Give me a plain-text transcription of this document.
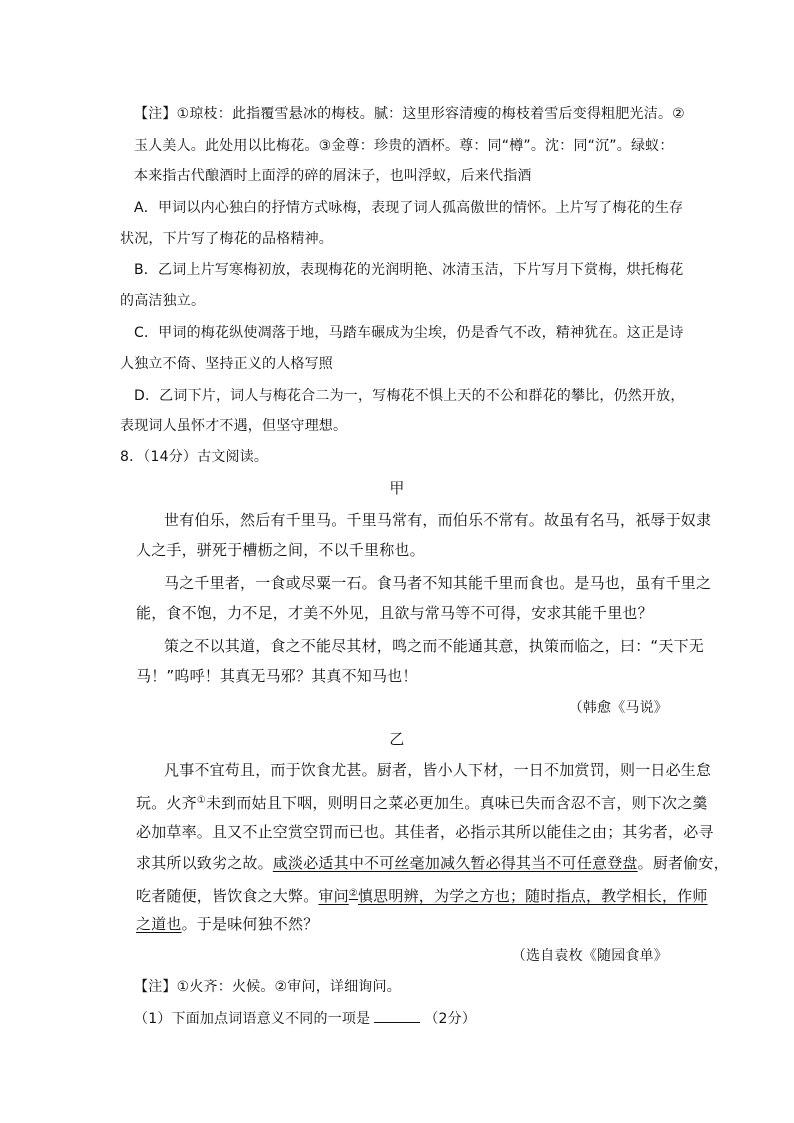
【注】①琼枝：此指覆雪悬冰的梅枝。腻：这里形容清瘦的梅枝着雪后变得粗肥光洁。②
玉人美人。此处用以比梅花。③金尊：珍贵的酒杯。尊：同“樽”。沈：同“沉”。绿蚁：
本来指古代酿酒时上面浮的碎的屑沫子，也叫浮蚁，后来代指酒
A．甲词以内心独白的抒情方式咏梅，表现了词人孤高傲世的情怀。上片写了梅花的生存
状况，下片写了梅花的品格精神。
B．乙词上片写寒梅初放，表现梅花的光润明艳、冰清玉洁，下片写月下赏梅，烘托梅花
的高洁独立。
C．甲词的梅花纵使凋落于地，马踏车碾成为尘埃，仍是香气不改，精神犹在。这正是诗
人独立不倚、坚持正义的人格写照
D．乙词下片，词人与梅花合二为一，写梅花不惧上天的不公和群花的攀比，仍然开放，
表现词人虽怀才不遇，但坚守理想。
8．（14分）古文阅读。
甲
世有伯乐，然后有千里马。千里马常有，而伯乐不常有。故虽有名马，祇辱于奴隶
人之手，骈死于槽枥之间，不以千里称也。
马之千里者，一食或尽粟一石。食马者不知其能千里而食也。是马也，虽有千里之
能，食不饱，力不足，才美不外见，且欲与常马等不可得，安求其能千里也？
策之不以其道，食之不能尽其材，鸣之而不能通其意，执策而临之，曰：“天下无
马！”呜呼！其真无马邪？其真不知马也！
（韩愈《马说》
乙
凡事不宜苟且，而于饮食尤甚。厨者，皆小人下材，一日不加赏罚，则一日必生怠
玩。火齐①未到而姑且下咽，则明日之菜必更加生。真味已失而含忍不言，则下次之羹
必加草率。且又不止空赏空罚而已也。其佳者，必指示其所以能佳之由；其劣者，必寻
求其所以致劣之故。咸淡必适其中不可丝毫加减久暂必得其当不可任意登盘。厨者偷安，
吃者随便，皆饮食之大弊。审问②慎思明辨，为学之方也；随时指点，教学相长，作师
之道也。于是味何独不然？
（选自袁枚《随园食单》
【注】①火齐：火候。②审问，详细询问。
（1）下面加点词语意义不同的一项是	（2分）
